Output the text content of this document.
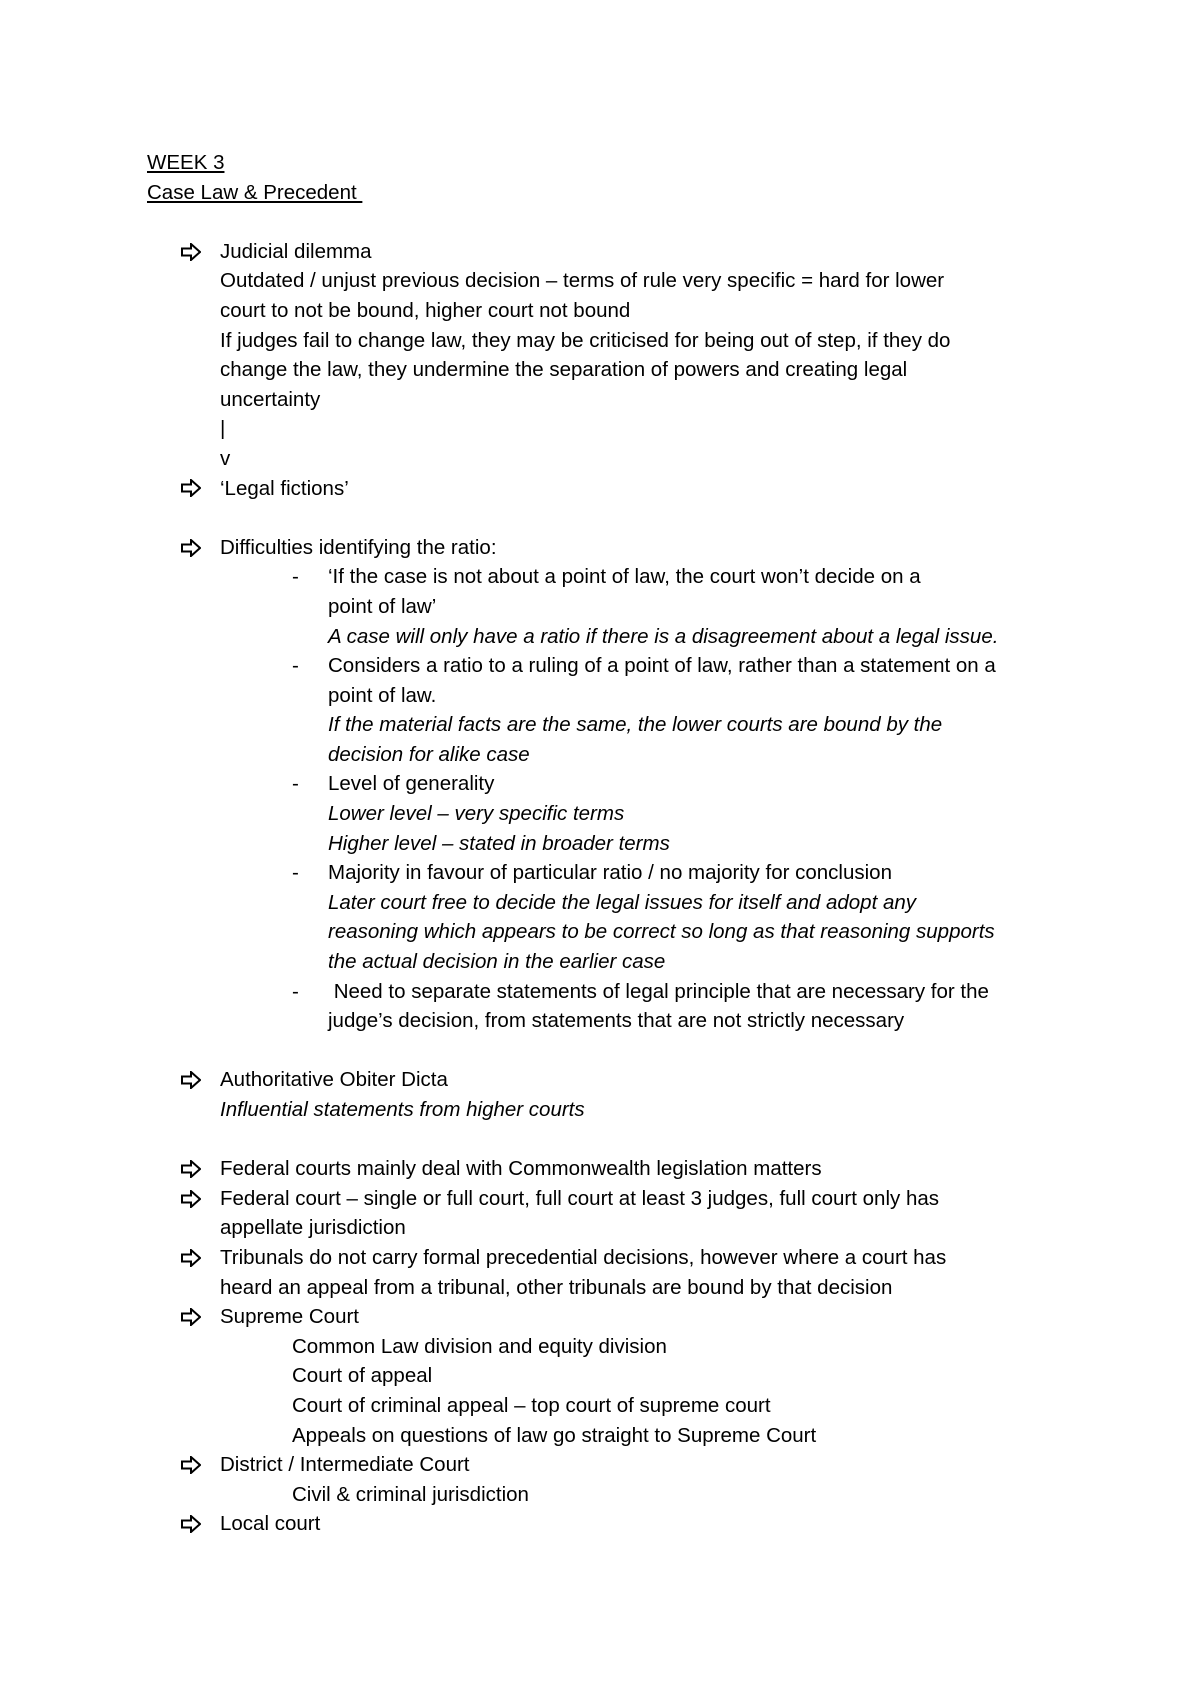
WEEK 3
Case Law & Precedent
Judicial dilemma
Outdated / unjust previous decision – terms of rule very specific = hard for lower
court to not be bound, higher court not bound
If judges fail to change law, they may be criticised for being out of step, if they do
change the law, they undermine the separation of powers and creating legal
uncertainty
|
v
‘Legal fictions’
Difficulties identifying the ratio:
- ‘If the case is not about a point of law, the court won’t decide on a
point of law’
A case will only have a ratio if there is a disagreement about a legal issue.
- Considers a ratio to a ruling of a point of law, rather than a statement on a
point of law.
If the material facts are the same, the lower courts are bound by the
decision for alike case
- Level of generality
Lower level – very specific terms
Higher level – stated in broader terms
- Majority in favour of particular ratio / no majority for conclusion
Later court free to decide the legal issues for itself and adopt any
reasoning which appears to be correct so long as that reasoning supports
the actual decision in the earlier case
- Need to separate statements of legal principle that are necessary for the
judge’s decision, from statements that are not strictly necessary
Authoritative Obiter Dicta
Influential statements from higher courts
Federal courts mainly deal with Commonwealth legislation matters
Federal court – single or full court, full court at least 3 judges, full court only has
appellate jurisdiction
Tribunals do not carry formal precedential decisions, however where a court has
heard an appeal from a tribunal, other tribunals are bound by that decision
Supreme Court
Common Law division and equity division
Court of appeal
Court of criminal appeal – top court of supreme court
Appeals on questions of law go straight to Supreme Court
District / Intermediate Court
Civil & criminal jurisdiction
Local court
